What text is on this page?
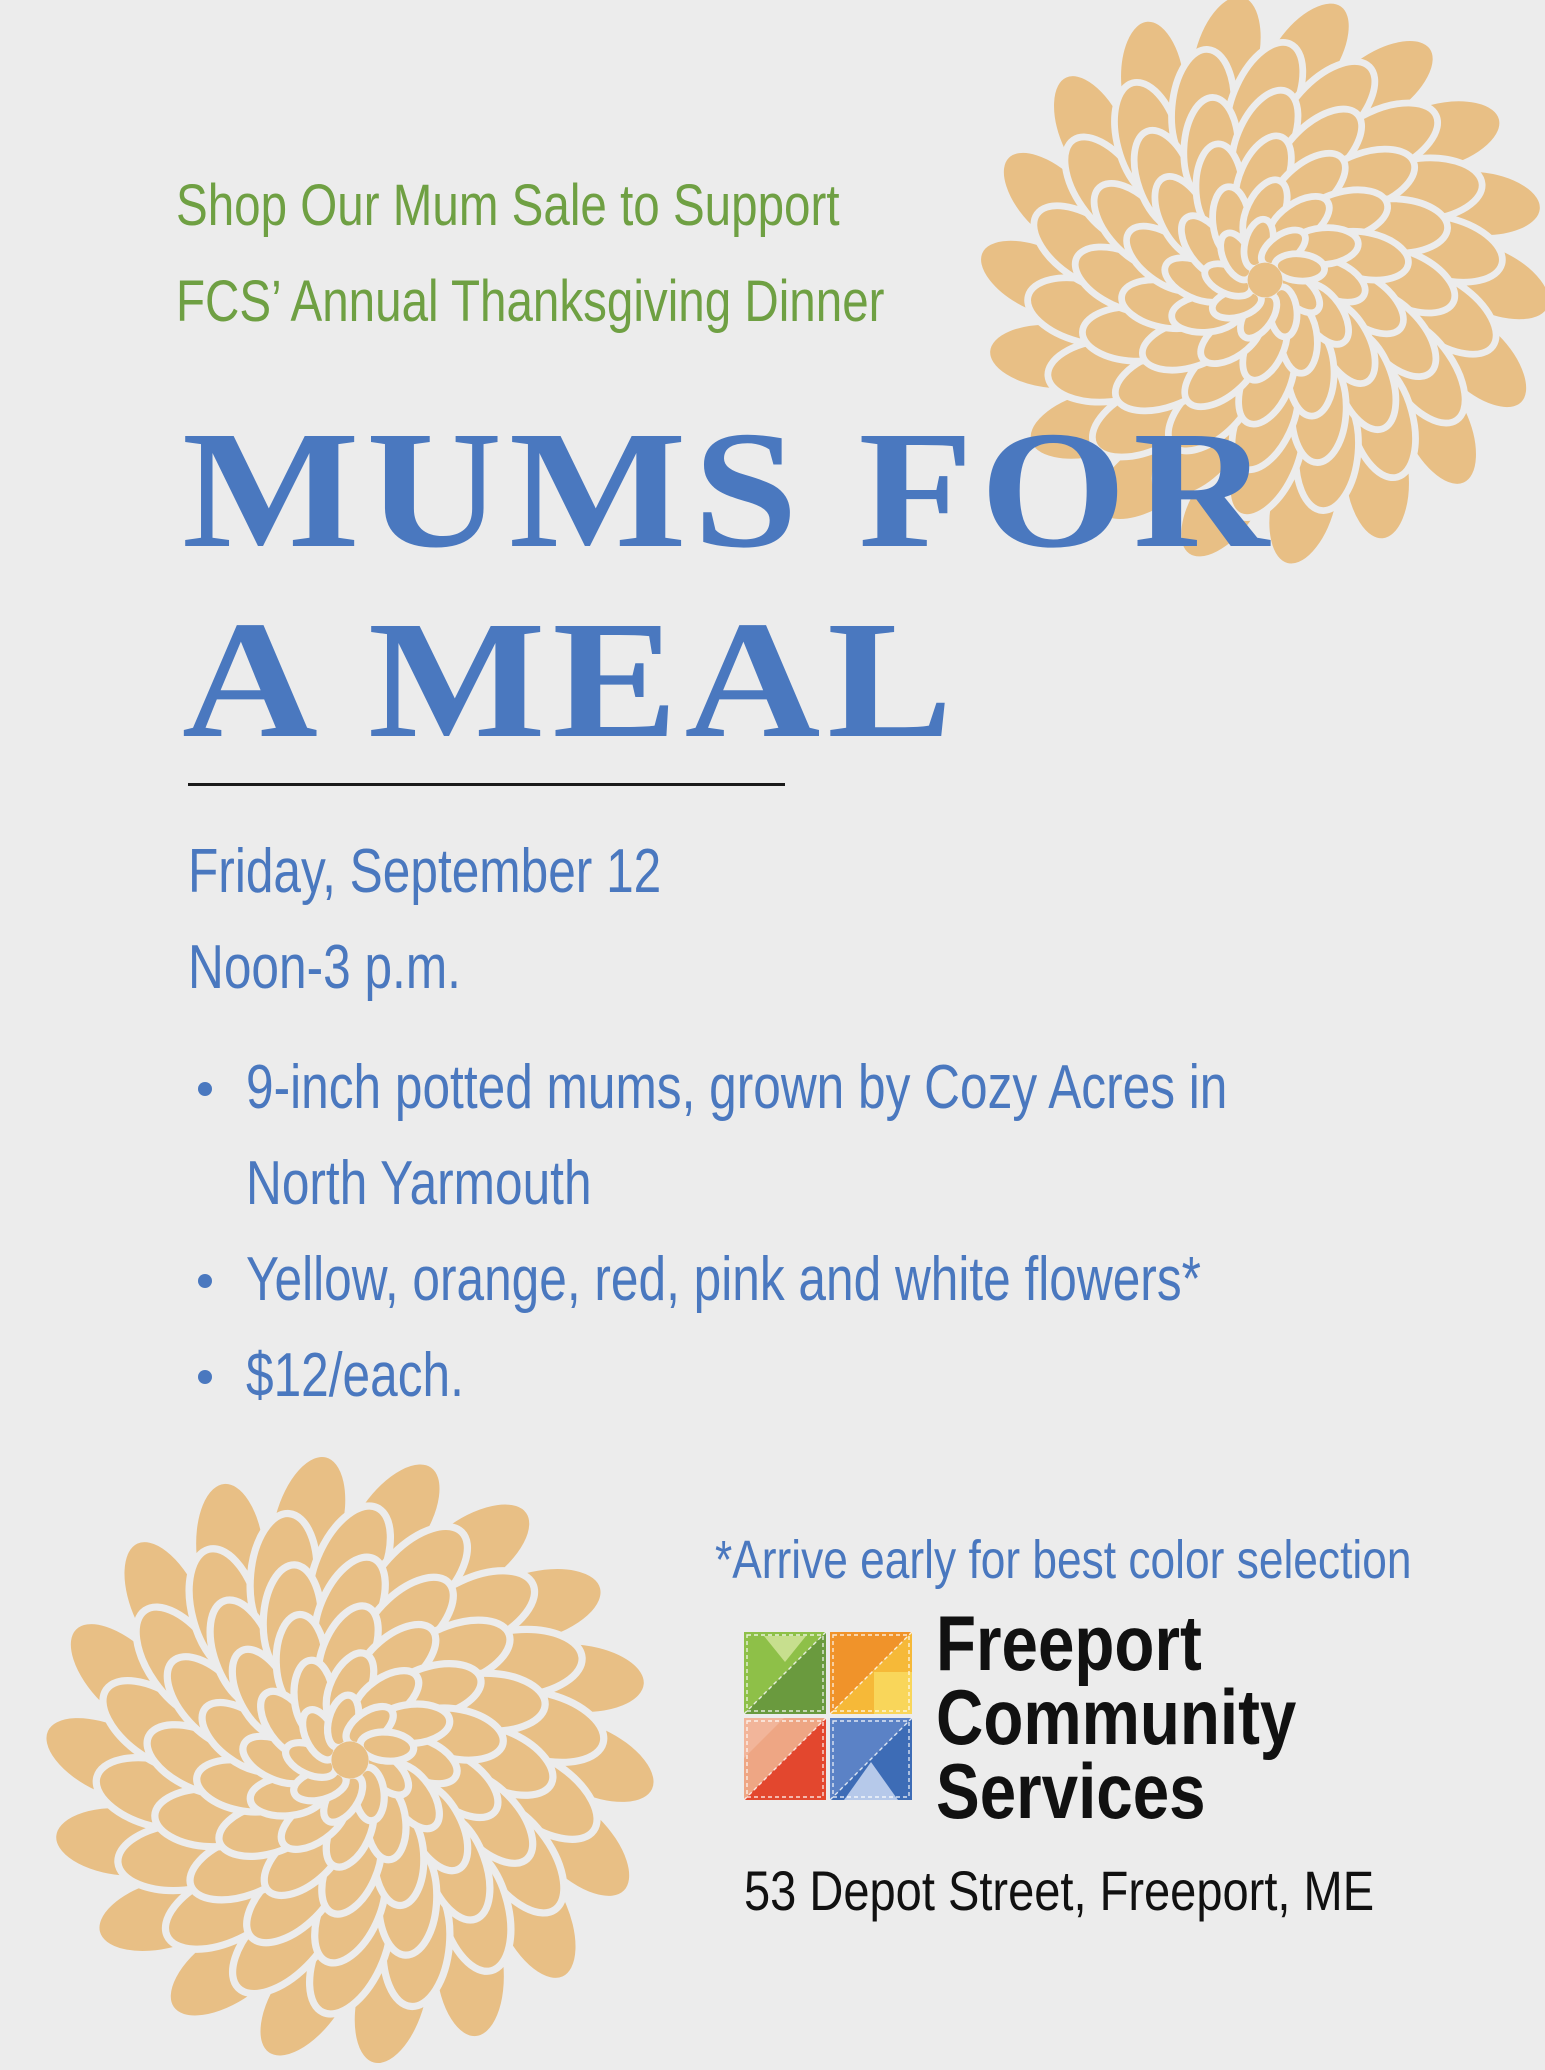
Shop Our Mum Sale to Support
FCS’ Annual Thanksgiving Dinner
MUMS FOR
A MEAL
Friday, September 12
Noon-3 p.m.
9-inch potted mums, grown by Cozy Acres in North Yarmouth
Yellow, orange, red, pink and white flowers*
$12/each.
*Arrive early for best color selection
Freeport
Community
Services
53 Depot Street, Freeport, ME
